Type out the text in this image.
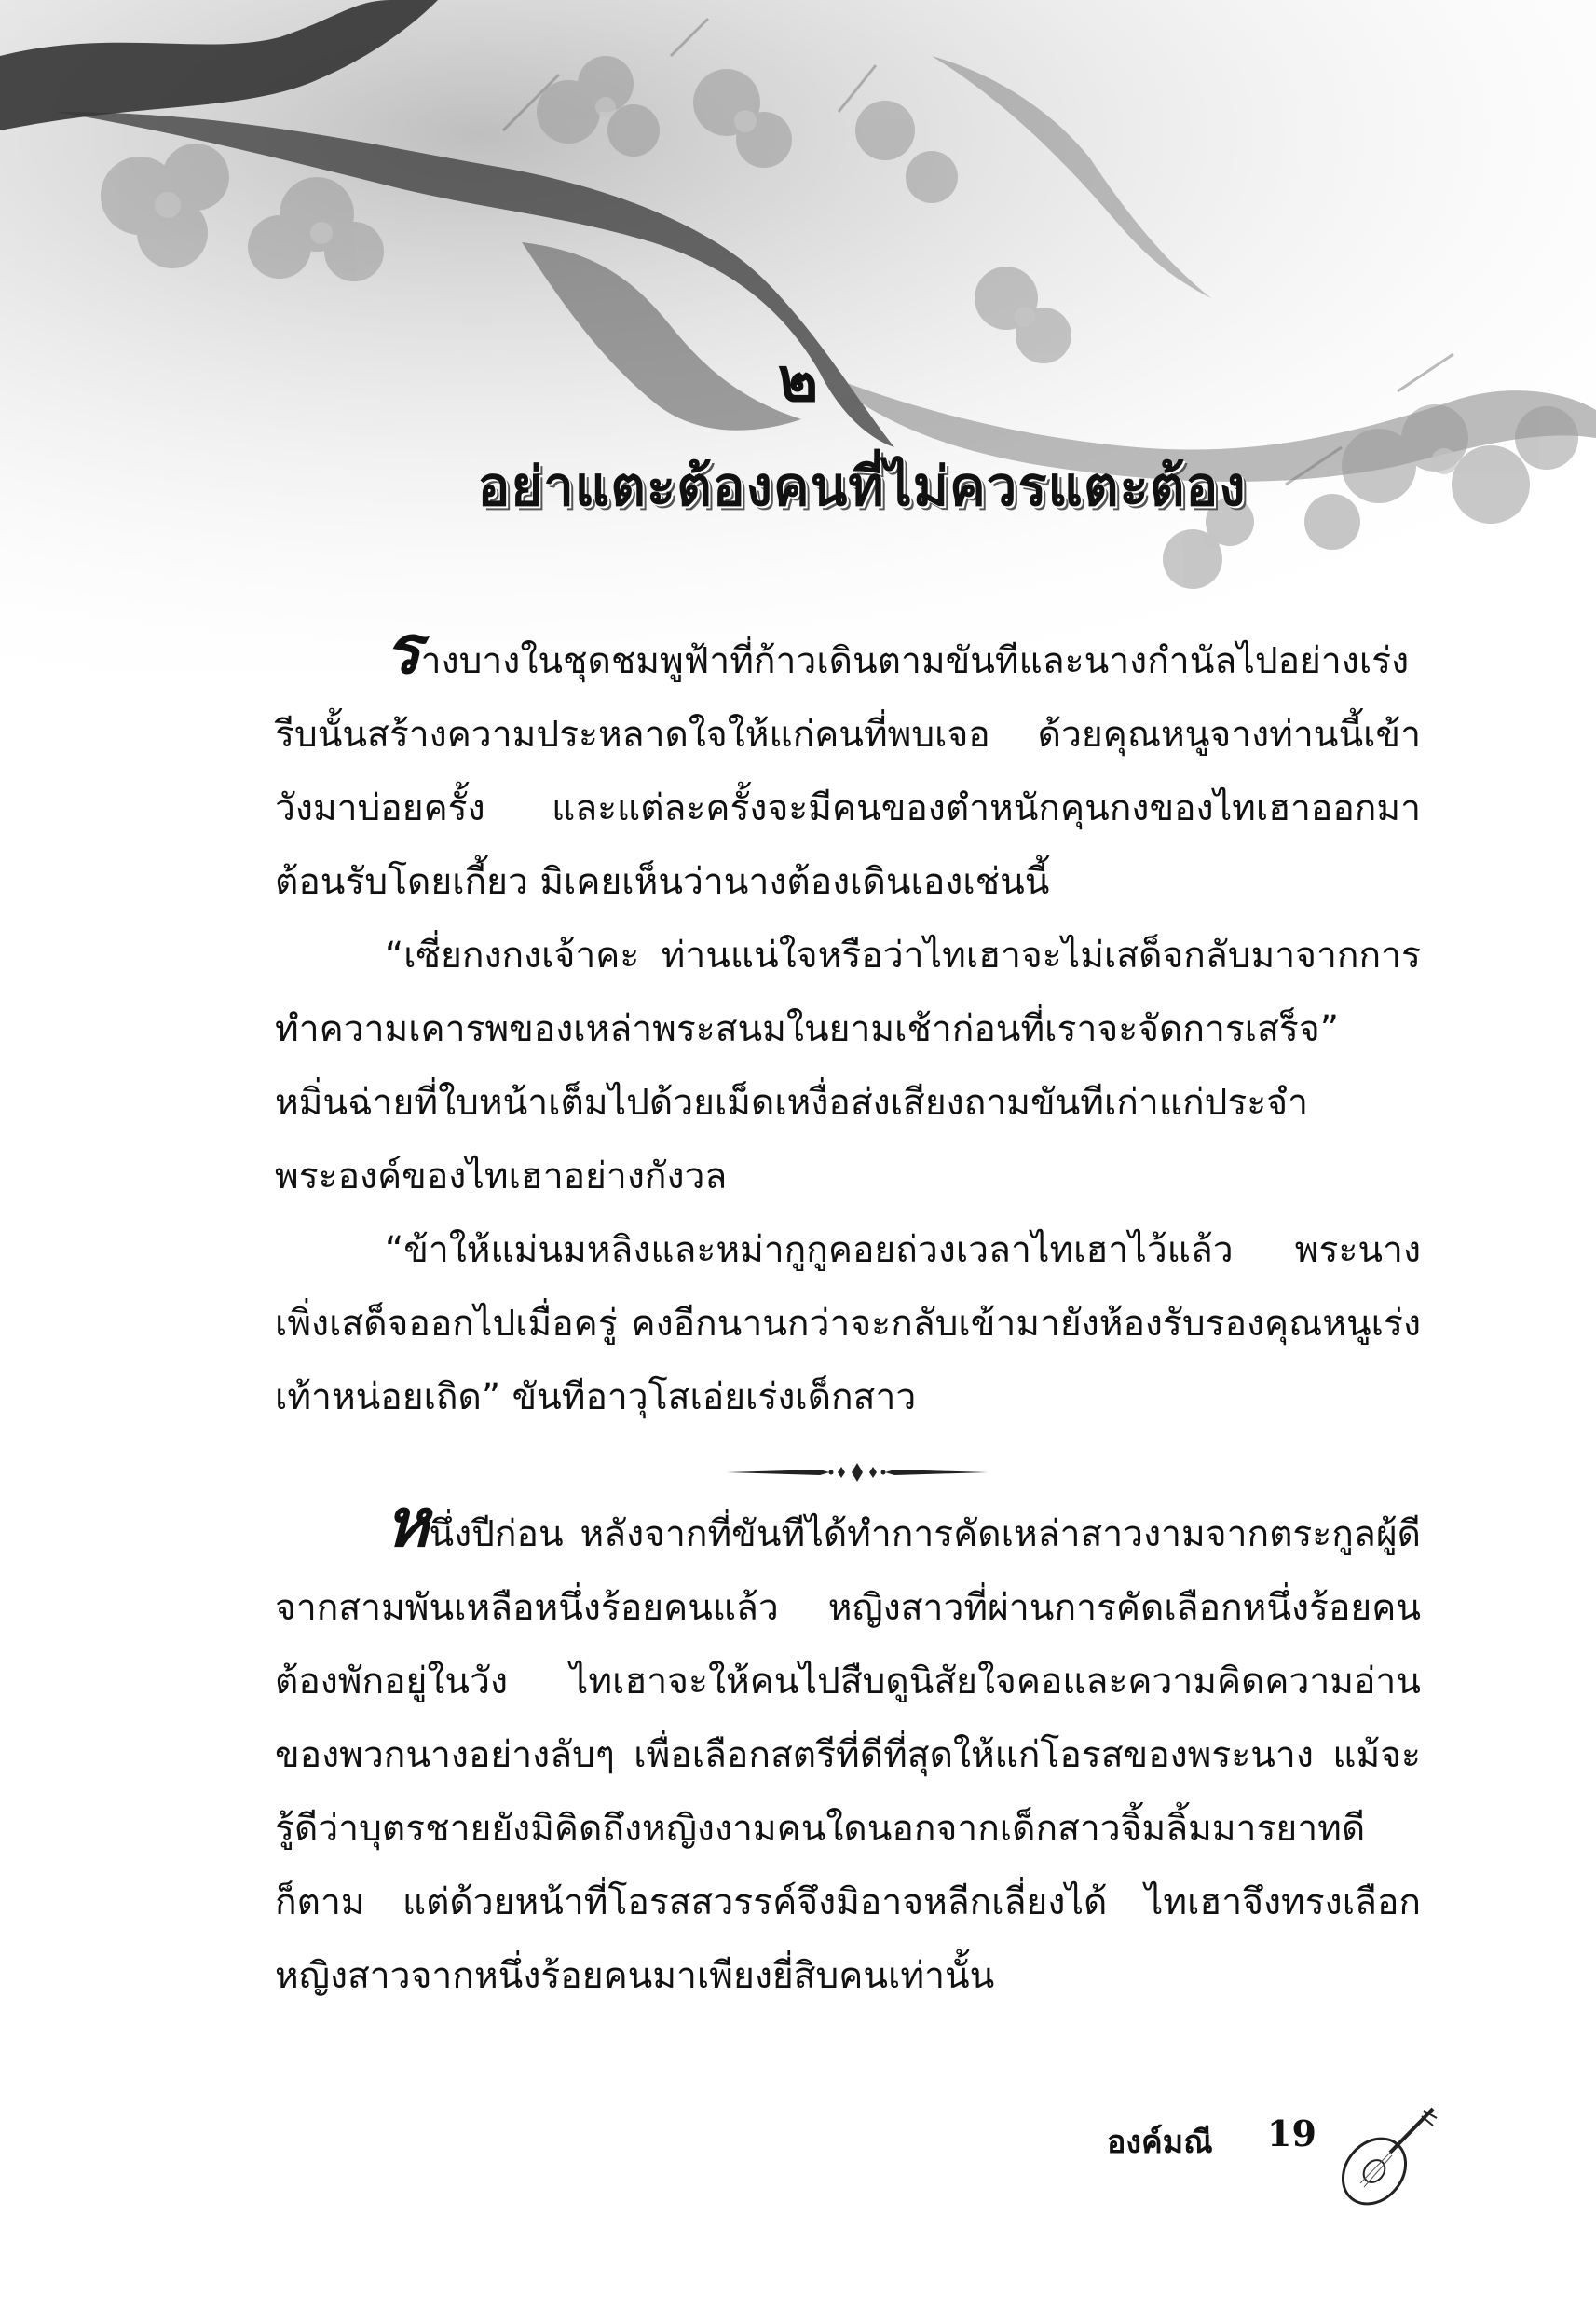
๒
อย่าแตะต้องคนที่ไม่ควรแตะต้อง

ร่างบางในชุดชมพูฟ้าที่ก้าวเดินตามขันทีและนางกำนัลไปอย่างเร่งรีบนั้นสร้างความประหลาดใจให้แก่คนที่พบเจอ ด้วยคุณหนูจางท่านนี้เข้าวังมาบ่อยครั้ง และแต่ละครั้งจะมีคนของตำหนักคุนกงของไทเฮาออกมาต้อนรับโดยเกี้ยว มิเคยเห็นว่านางต้องเดินเองเช่นนี้

“เซี่ยกงกงเจ้าคะ ท่านแน่ใจหรือว่าไทเฮาจะไม่เสด็จกลับมาจากการทำความเคารพของเหล่าพระสนมในยามเช้าก่อนที่เราจะจัดการเสร็จ” หมิ่นฉ่ายที่ใบหน้าเต็มไปด้วยเม็ดเหงื่อส่งเสียงถามขันทีเก่าแก่ประจำพระองค์ของไทเฮาอย่างกังวล

“ข้าให้แม่นมหลิงและหม่ากูกูคอยถ่วงเวลาไทเฮาไว้แล้ว พระนางเพิ่งเสด็จออกไปเมื่อครู่ คงอีกนานกว่าจะกลับเข้ามายังห้องรับรองคุณหนูเร่งเท้าหน่อยเถิด” ขันทีอาวุโสเอ่ยเร่งเด็กสาว

หนึ่งปีก่อน หลังจากที่ขันทีได้ทำการคัดเหล่าสาวงามจากตระกูลผู้ดีจากสามพันเหลือหนึ่งร้อยคนแล้ว หญิงสาวที่ผ่านการคัดเลือกหนึ่งร้อยคนต้องพักอยู่ในวัง ไทเฮาจะให้คนไปสืบดูนิสัยใจคอและความคิดความอ่านของพวกนางอย่างลับๆ เพื่อเลือกสตรีที่ดีที่สุดให้แก่โอรสของพระนาง แม้จะรู้ดีว่าบุตรชายยังมิคิดถึงหญิงงามคนใดนอกจากเด็กสาวจิ้มลิ้มมารยาทดีก็ตาม แต่ด้วยหน้าที่โอรสสวรรค์จึงมิอาจหลีกเลี่ยงได้ ไทเฮาจึงทรงเลือกหญิงสาวจากหนึ่งร้อยคนมาเพียงยี่สิบคนเท่านั้น

องค์มณี 19
